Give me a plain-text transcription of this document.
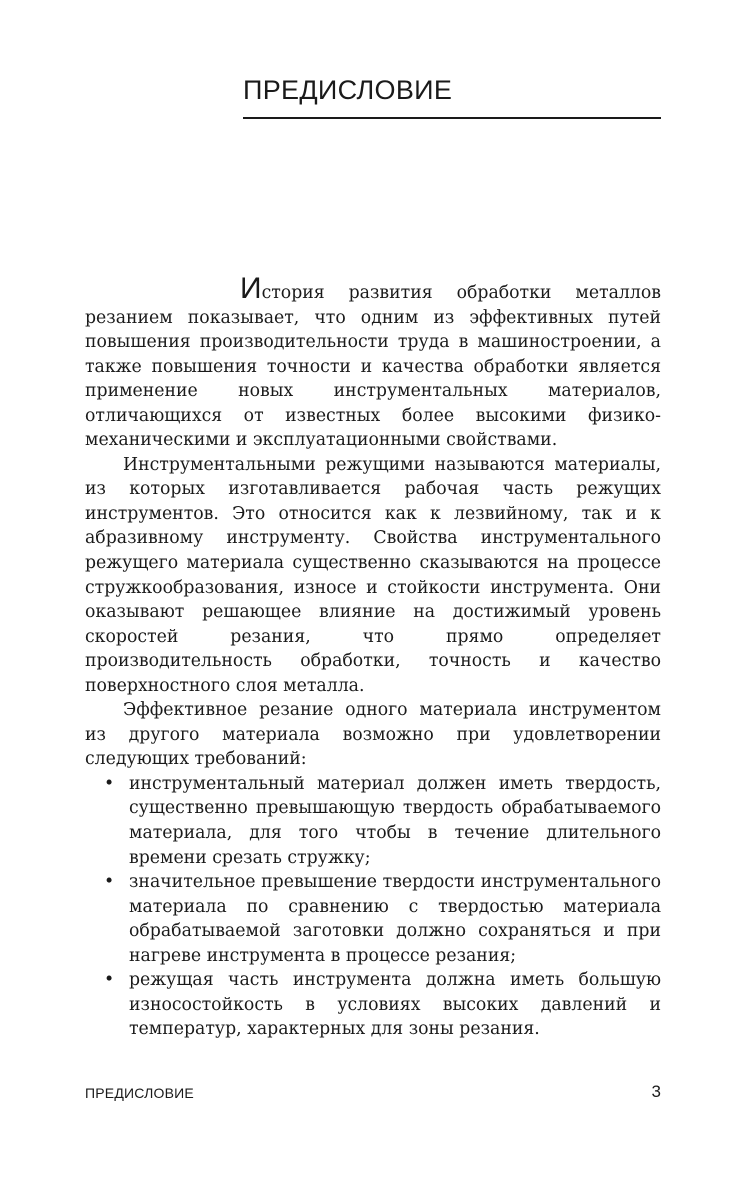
ПРЕДИСЛОВИЕ

История развития обработки металлов резанием показывает, что одним из эффективных путей повышения производительности труда в машиностроении, а также повышения точности и качества обработки является применение новых инструментальных материалов, отличающихся от известных более высокими физико-механическими и эксплуатационными свойствами.

Инструментальными режущими называются материалы, из которых изготавливается рабочая часть режущих инструментов. Это относится как к лезвийному, так и к абразивному инструменту. Свойства инструментального режущего материала существенно сказываются на процессе стружкообразования, износе и стойкости инструмента. Они оказывают решающее влияние на достижимый уровень скоростей резания, что прямо определяет производительность обработки, точность и качество поверхностного слоя металла.

Эффективное резание одного материала инструментом из другого материала возможно при удовлетворении следующих требований:

• инструментальный материал должен иметь твердость, существенно превышающую твердость обрабатываемого материала, для того чтобы в течение длительного времени срезать стружку;
• значительное превышение твердости инструментального материала по сравнению с твердостью материала обрабатываемой заготовки должно сохраняться и при нагреве инструмента в процессе резания;
• режущая часть инструмента должна иметь большую износостойкость в условиях высоких давлений и температур, характерных для зоны резания.
ПРЕДИСЛОВИЕ	3
